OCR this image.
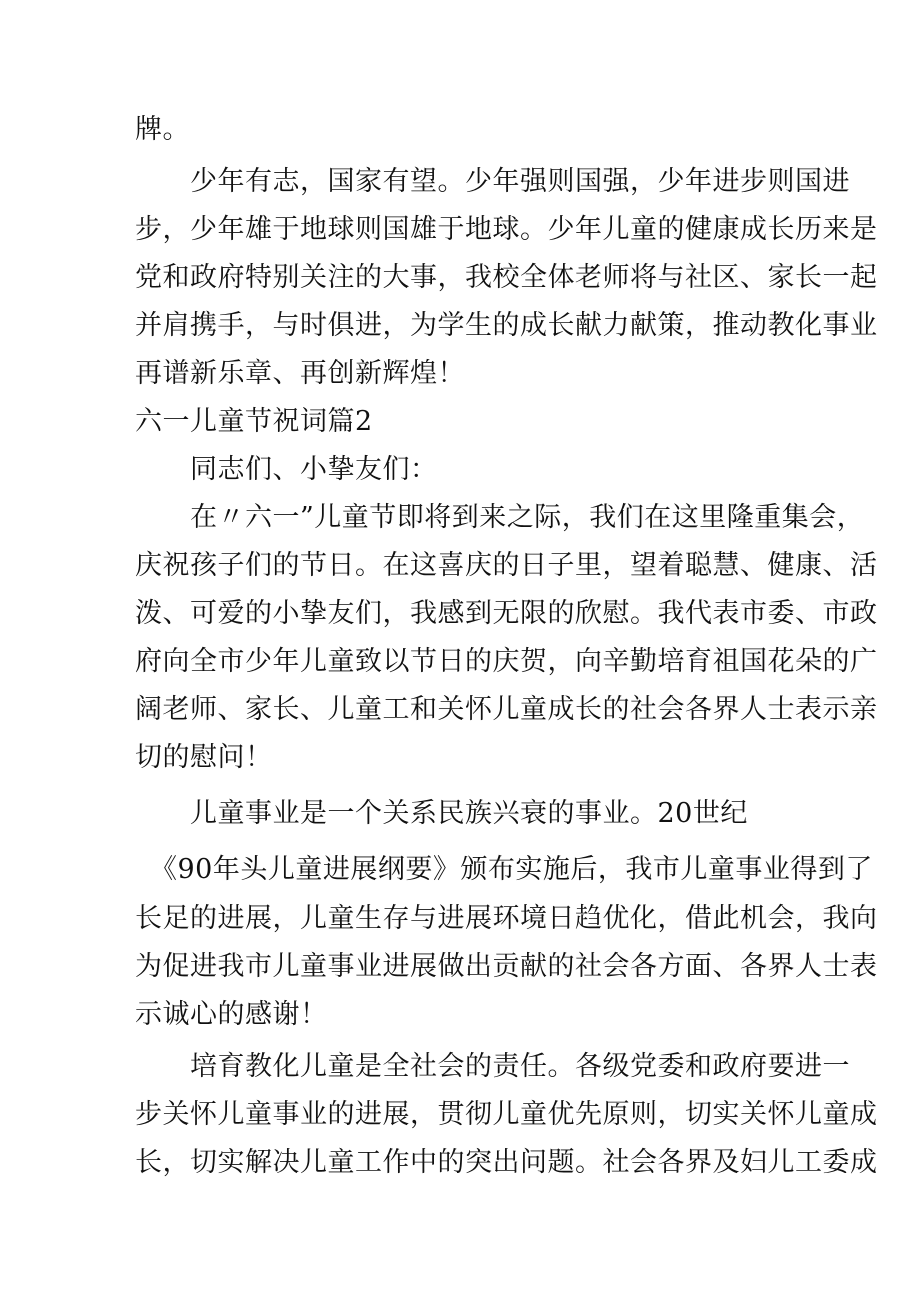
牌。
少年有志，国家有望。少年强则国强，少年进步则国进
步，少年雄于地球则国雄于地球。少年儿童的健康成长历来是
党和政府特别关注的大事，我校全体老师将与社区、家长一起
并肩携手，与时俱进，为学生的成长献力献策，推动教化事业
再谱新乐章、再创新辉煌！
六一儿童节祝词篇2
同志们、小挚友们：
在〃六一”儿童节即将到来之际，我们在这里隆重集会，
庆祝孩子们的节日。在这喜庆的日子里，望着聪慧、健康、活
泼、可爱的小挚友们，我感到无限的欣慰。我代表市委、市政
府向全市少年儿童致以节日的庆贺，向辛勤培育祖国花朵的广
阔老师、家长、儿童工和关怀儿童成长的社会各界人士表示亲
切的慰问！
儿童事业是一个关系民族兴衰的事业。20世纪
《90年头儿童进展纲要》颁布实施后，我市儿童事业得到了
长足的进展，儿童生存与进展环境日趋优化，借此机会，我向
为促进我市儿童事业进展做出贡献的社会各方面、各界人士表
示诚心的感谢！
培育教化儿童是全社会的责任。各级党委和政府要进一
步关怀儿童事业的进展，贯彻儿童优先原则，切实关怀儿童成
长，切实解决儿童工作中的突出问题。社会各界及妇儿工委成
